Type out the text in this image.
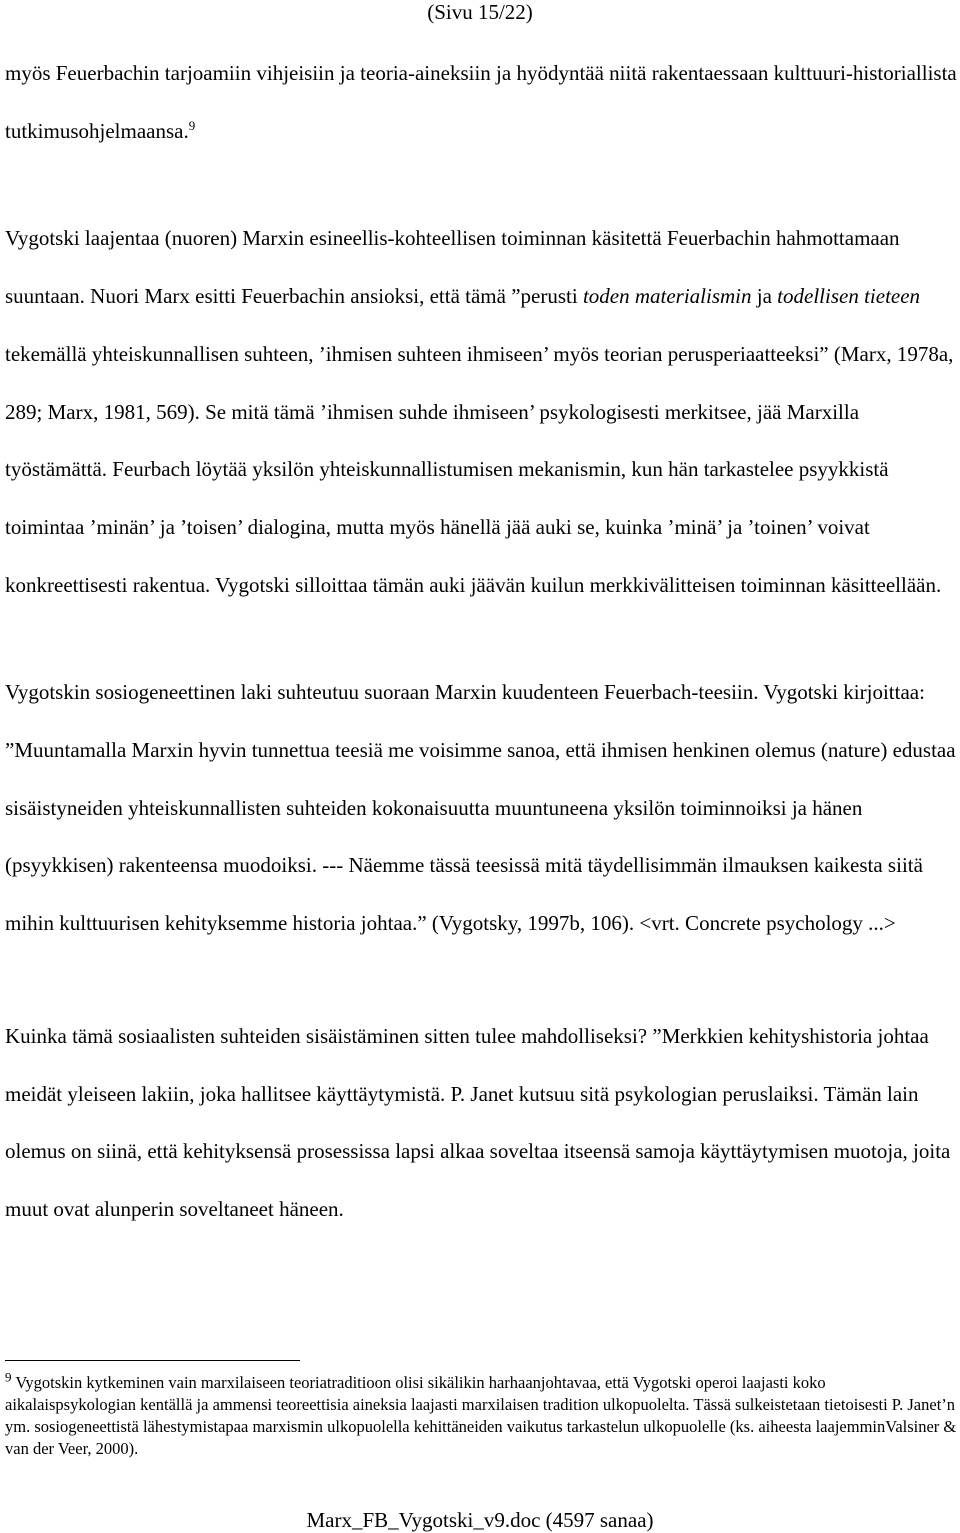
(Sivu 15/22)

myös Feuerbachin tarjoamiin vihjeisiin ja teoria-aineksiin ja hyödyntää niitä rakentaessaan kulttuuri-historiallista tutkimusohjelmaansa.$^9$

Vygotski laajentaa (nuoren) Marxin esineellis-kohteellisen toiminnan käsitettä Feuerbachin hahmottamaan suuntaan. Nuori Marx esitti Feuerbachin ansioksi, että tämä ”perusti toden materialismin ja todellisen tieteen tekemällä yhteiskunnallisen suhteen, ’ihmisen suhteen ihmiseen’ myös teorian perusperiaatteeksi” (Marx, 1978a, 289; Marx, 1981, 569). Se mitä tämä ’ihmisen suhde ihmiseen’ psykologisesti merkitsee, jää Marxilla työstämättä. Feurbach löytää yksilön yhteiskunnallistumisen mekanismin, kun hän tarkastelee psyykkistä toimintaa ’minän’ ja ’toisen’ dialogina, mutta myös hänellä jää auki se, kuinka ’minä’ ja ’toinen’ voivat konkreettisesti rakentua. Vygotski silloittaa tämän auki jäävän kuilun merkkivälitteisen toiminnan käsitteellään.

Vygotskin sosiogeneettinen laki suhteutuu suoraan Marxin kuudenteen Feuerbach-teesiin. Vygotski kirjoittaa: ”Muuntamalla Marxin hyvin tunnettua teesiä me voisimme sanoa, että ihmisen henkinen olemus (nature) edustaa sisäistyneiden yhteiskunnallisten suhteiden kokonaisuutta muuntuneena yksilön toiminnoiksi ja hänen (psyykkisen) rakenteensa muodoiksi. --- Näemme tässä teesissä mitä täydellisimmän ilmauksen kaikesta siitä mihin kulttuurisen kehityksemme historia johtaa.” (Vygotsky, 1997b, 106). <vrt. Concrete psychology ...>

Kuinka tämä sosiaalisten suhteiden sisäistäminen sitten tulee mahdolliseksi? ”Merkkien kehityshistoria johtaa meidät yleiseen lakiin, joka hallitsee käyttäytymistä. P. Janet kutsuu sitä psykologian peruslaiksi. Tämän lain olemus on siinä, että kehityksensä prosessissa lapsi alkaa soveltaa itseensä samoja käyttäytymisen muotoja, joita muut ovat alunperin soveltaneet häneen.

$^9$ Vygotskin kytkeminen vain marxilaiseen teoriatraditioon olisi sikälikin harhaanjohtavaa, että Vygotski operoi laajasti koko aikalaispsykologian kentällä ja ammensi teoreettisia aineksia laajasti marxilaisen tradition ulkopuolelta. Tässä sulkeistetaan tietoisesti P. Janet’n ym. sosiogeneettistä lähestymistapaa marxismin ulkopuolella kehittäneiden vaikutus tarkastelun ulkopuolelle (ks. aiheesta laajemminValsiner & van der Veer, 2000).

Marx_FB_Vygotski_v9.doc (4597 sanaa)
